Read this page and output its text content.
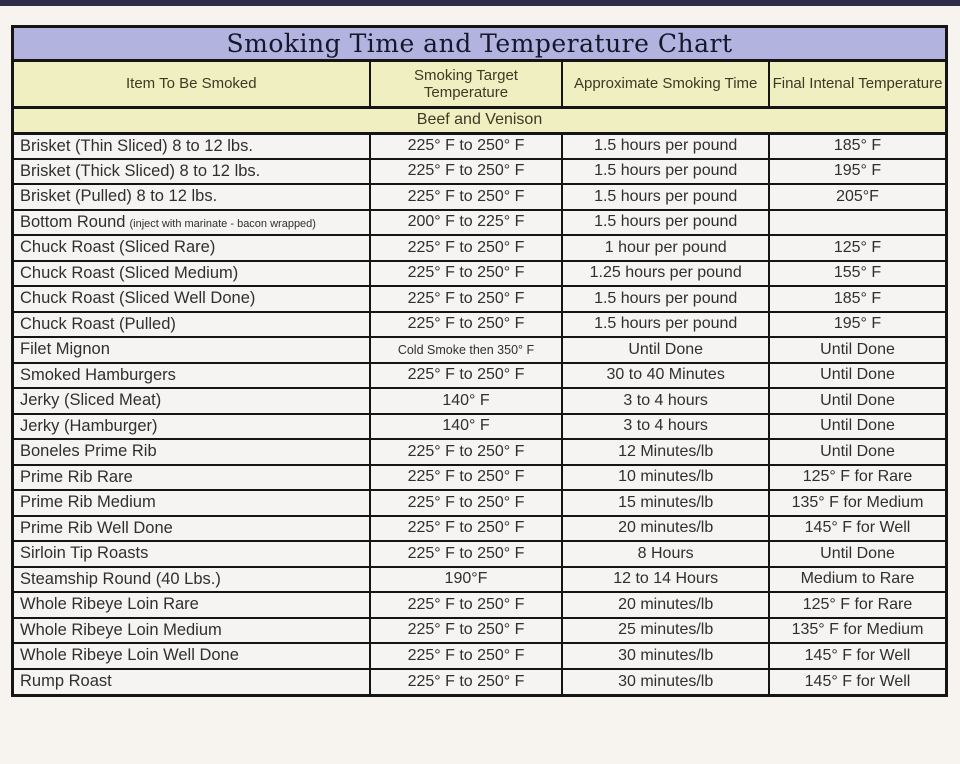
Smoking Time and Temperature Chart
Item To Be Smoked	Smoking Target Temperature	Approximate Smoking Time	Final Intenal Temperature
Beef and Venison			
Brisket (Thin Sliced) 8 to 12 lbs.	225° F to 250° F	1.5 hours per pound	185° F
Brisket (Thick Sliced) 8 to 12 lbs.	225° F to 250° F	1.5 hours per pound	195° F
Brisket (Pulled) 8 to 12 lbs.	225° F to 250° F	1.5 hours per pound	205°F
Bottom Round (inject with marinate - bacon wrapped)	200° F to 225° F	1.5 hours per pound	
Chuck Roast (Sliced Rare)	225° F to 250° F	1 hour per pound	125° F
Chuck Roast (Sliced Medium)	225° F to 250° F	1.25 hours per pound	155° F
Chuck Roast (Sliced Well Done)	225° F to 250° F	1.5 hours per pound	185° F
Chuck Roast (Pulled)	225° F to 250° F	1.5 hours per pound	195° F
Filet Mignon	Cold Smoke then 350° F	Until Done	Until Done
Smoked Hamburgers	225° F to 250° F	30 to 40 Minutes	Until Done
Jerky (Sliced Meat)	140° F	3 to 4 hours	Until Done
Jerky (Hamburger)	140° F	3 to 4 hours	Until Done
Boneles Prime Rib	225° F to 250° F	12 Minutes/lb	Until Done
Prime Rib Rare	225° F to 250° F	10 minutes/lb	125° F for Rare
Prime Rib Medium	225° F to 250° F	15 minutes/lb	135° F for Medium
Prime Rib Well Done	225° F to 250° F	20 minutes/lb	145° F for Well
Sirloin Tip Roasts	225° F to 250° F	8 Hours	Until Done
Steamship Round (40 Lbs.)	190°F	12 to 14 Hours	Medium to Rare
Whole Ribeye Loin Rare	225° F to 250° F	20 minutes/lb	125° F for Rare
Whole Ribeye Loin Medium	225° F to 250° F	25 minutes/lb	135° F for Medium
Whole Ribeye Loin Well Done	225° F to 250° F	30 minutes/lb	145° F for Well
Rump Roast	225° F to 250° F	30 minutes/lb	145° F for Well
